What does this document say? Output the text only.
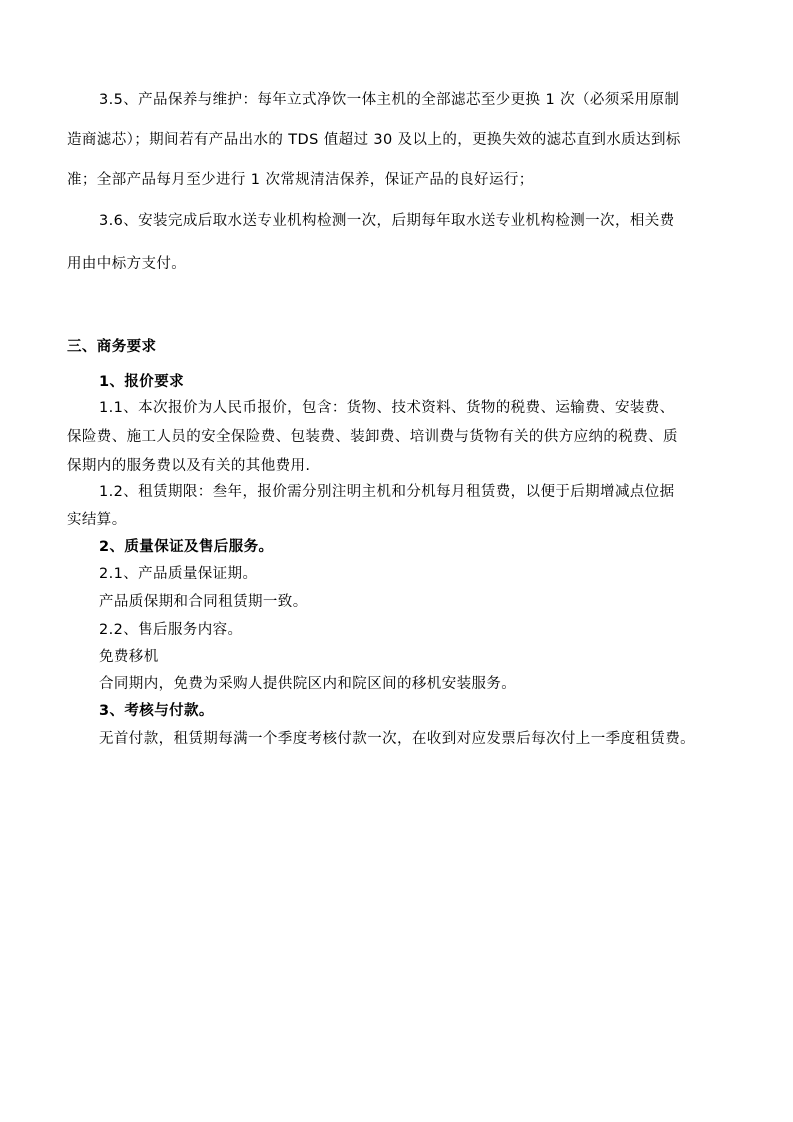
3.5、产品保养与维护：每年立式净饮一体主机的全部滤芯至少更换 1 次（必须采用原制
造商滤芯）；期间若有产品出水的 TDS 值超过 30 及以上的，更换失效的滤芯直到水质达到标
准；全部产品每月至少进行 1 次常规清洁保养，保证产品的良好运行；
3.6、安装完成后取水送专业机构检测一次，后期每年取水送专业机构检测一次，相关费
用由中标方支付。
三、商务要求
1、报价要求
1.1、本次报价为人民币报价，包含：货物、技术资料、货物的税费、运输费、安装费、
保险费、施工人员的安全保险费、包装费、装卸费、培训费与货物有关的供方应纳的税费、质
保期内的服务费以及有关的其他费用.
1.2、租赁期限：叁年，报价需分别注明主机和分机每月租赁费，以便于后期增减点位据
实结算。
2、质量保证及售后服务。
2.1、产品质量保证期。
产品质保期和合同租赁期一致。
2.2、售后服务内容。
免费移机
合同期内，免费为采购人提供院区内和院区间的移机安装服务。
3、考核与付款。
无首付款，租赁期每满一个季度考核付款一次，在收到对应发票后每次付上一季度租赁费。
